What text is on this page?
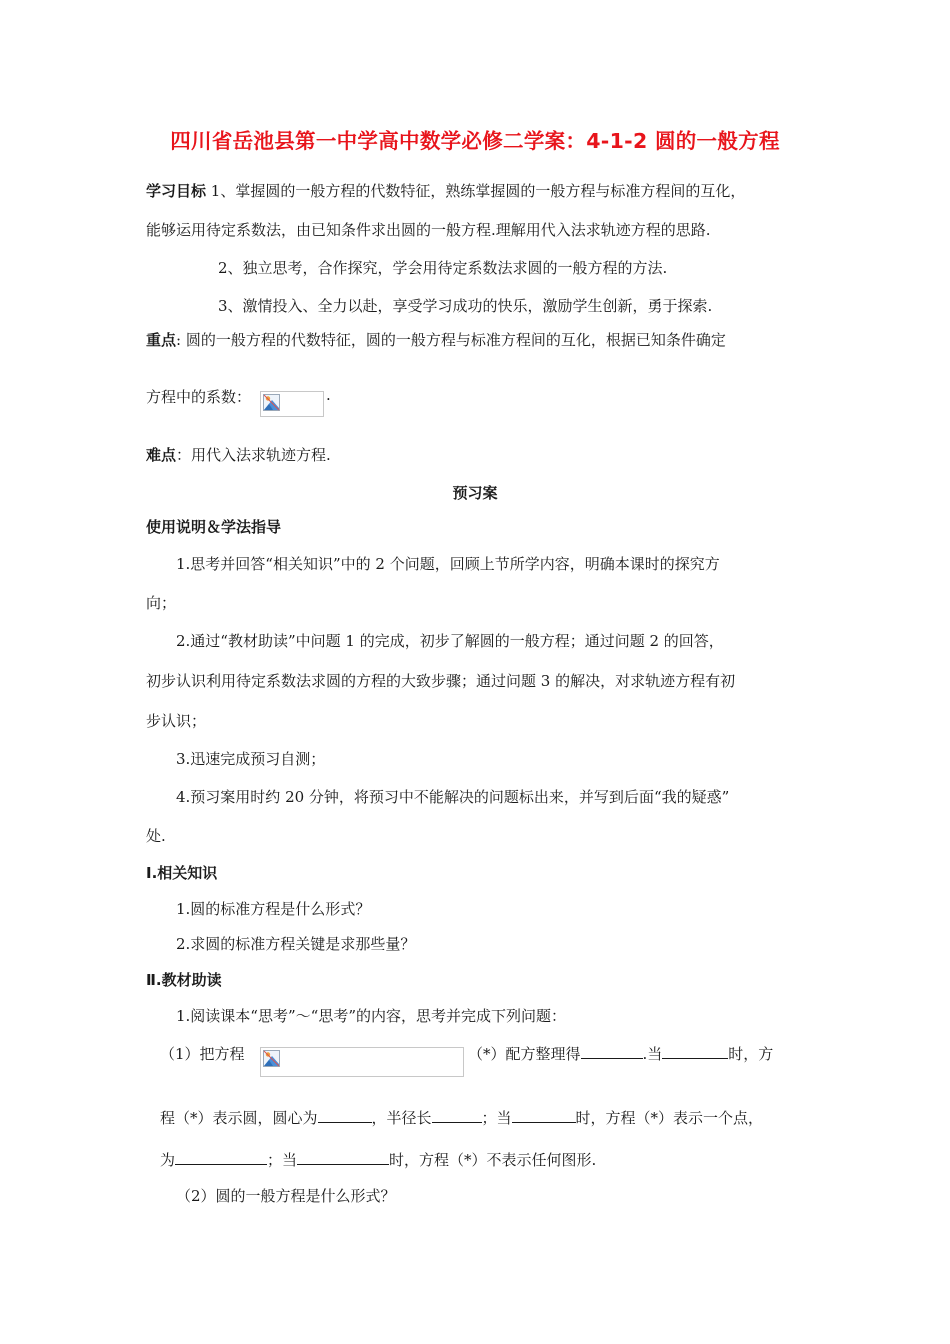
四川省岳池县第一中学高中数学必修二学案：4-1-2 圆的一般方程
学习目标 1、掌握圆的一般方程的代数特征，熟练掌握圆的一般方程与标准方程间的互化，
能够运用待定系数法，由已知条件求出圆的一般方程.理解用代入法求轨迹方程的思路.
2、独立思考，合作探究，学会用待定系数法求圆的一般方程的方法.
3、激情投入、全力以赴，享受学习成功的快乐，激励学生创新，勇于探索.
重点: 圆的一般方程的代数特征，圆的一般方程与标准方程间的互化，根据已知条件确定
方程中的系数：	.
难点：用代入法求轨迹方程.
预习案
使用说明＆学法指导
1.思考并回答“相关知识”中的 2 个问题，回顾上节所学内容，明确本课时的探究方
向；
2.通过“教材助读”中问题 1 的完成，初步了解圆的一般方程；通过问题 2 的回答，
初步认识利用待定系数法求圆的方程的大致步骤；通过问题 3 的解决，对求轨迹方程有初
步认识；
3.迅速完成预习自测；
4.预习案用时约 20 分钟，将预习中不能解决的问题标出来，并写到后面“我的疑惑”
处.
Ⅰ.相关知识
1.圆的标准方程是什么形式？
2.求圆的标准方程关键是求那些量？
Ⅱ.教材助读
1.阅读课本“思考”～“思考”的内容，思考并完成下列问题：
（1）把方程	（*）配方整理得	.当	时，方
程（*）表示圆，圆心为	，半径长	；当	时，方程（*）表示一个点，
为	；当	时，方程（*）不表示任何图形.
（2）圆的一般方程是什么形式？
